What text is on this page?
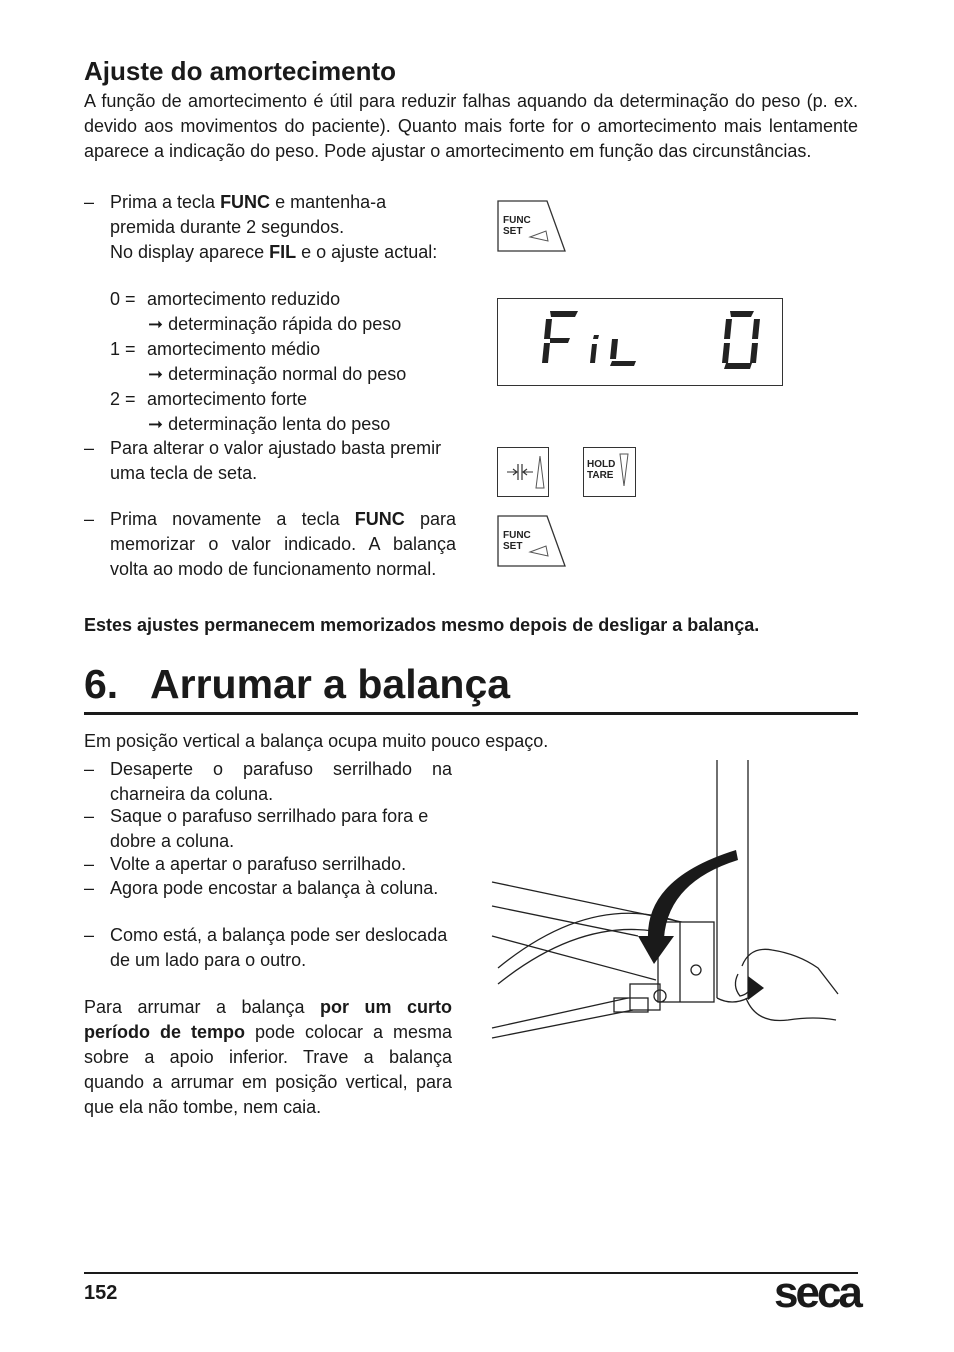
Ajuste do amortecimento
A função de amortecimento é útil para reduzir falhas aquando da determinação do peso (p. ex. devido aos movimentos do paciente). Quanto mais forte for o amortecimento mais lentamente aparece a indicação do peso. Pode ajustar o amortecimento em função das circunstâncias.
– Prima a tecla FUNC e mantenha-a premida durante 2 segundos.
No display aparece FIL e o ajuste actual:
0 = amortecimento reduzido
➞ determinação rápida do peso
1 = amortecimento médio
➞ determinação normal do peso
2 = amortecimento forte
➞ determinação lenta do peso
– Para alterar o valor ajustado basta premir uma tecla de seta.
– Prima novamente a tecla FUNC para memorizar o valor indicado. A balança volta ao modo de funcionamento normal.
FUNC
SET
HOLD
TARE
FUNC
SET
Estes ajustes permanecem memorizados mesmo depois de desligar a balança.
6. Arrumar a balança
Em posição vertical a balança ocupa muito pouco espaço.
– Desaperte o parafuso serrilhado na charneira da coluna.
– Saque o parafuso serrilhado para fora e dobre a coluna.
– Volte a apertar o parafuso serrilhado.
– Agora pode encostar a balança à coluna.
– Como está, a balança pode ser deslocada de um lado para o outro.
Para arrumar a balança por um curto período de tempo pode colocar a mesma sobre a apoio inferior. Trave a balança quando a arrumar em posição vertical, para que ela não tombe, nem caia.
152	seca
